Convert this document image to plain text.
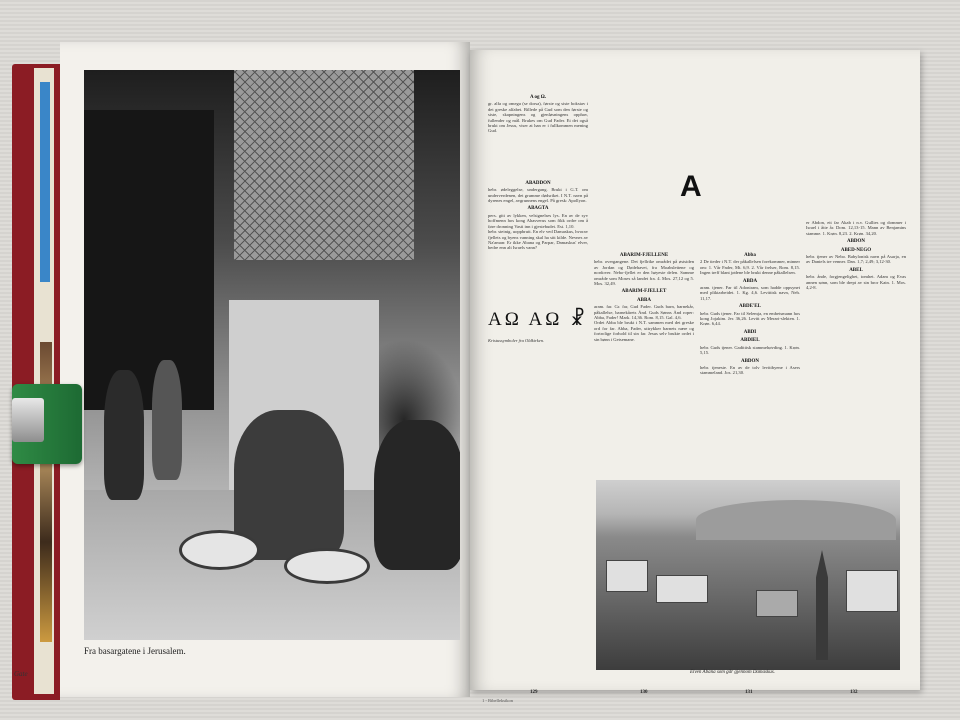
Fra basargatene i Jerusalem.
Gate
A
A og Ω.
gr. alfa og omega (se dorsa), første og siste bokstav i det greske alfabet. Billede på Gud som den første og siste, skapningens og gjenløsningens opphav, fullender og mål. Brukes om Gud Fader. Et det også brukt om Jesus, viser at han er i fullkommen mening Gud.
ABADDON
hebr. ødeleggelse, undergang. Brukt i G.T. om underverdenen, det grumme dødsriket. I N.T. navn på dyrenes engel, avgrunnens engel. På gresk: Apollyon.
ABAGTA
pers. gitt av lykken, velsignelses lys. En av de syv hoffmenn hos kong Ahasverus som fikk ordre om å føre dronning Vasti inn i gjestebudet. Est. 1,10.
hebr. steinig, uoppbrutt. En elv ved Damaskus, hvorav fjellets og byens vanning skal ha sitt kilde. Nevnes av Na'aman: Er ikke Abana og Parpar, Damaskus' elver, bedre enn alt Israels vann?
ΑΩ ΑΩ ☧
Kristussymboler fra Oldkirken.
ABARIM-FJELLENE
hebr. overgangene. Det fjellrike området på østsiden av Jordan og Dødehavet, fra Moabslettene og nordover. Nebo-fjellet er den høyeste delen. Samme område som Moses så landet fra. 4. Mos. 27,12 og 5. Mos. 32,49.
ABARIM-FJELLET
ABBA
aram. far. Gr. far, Gud Fader. Guds barn, barnekår, påkallelse, barnekårets Ånd. Guds Sønns Ånd roper: Abba, Fader! Mark. 14,36. Rom. 8,15. Gal. 4,6.
Ordet Abba ble brukt i N.T. sammen med det greske ord for far. Abba, Fader, uttrykker barnets nære og fortrolige forhold til sin far. Jesus selv brukte ordet i sin bønn i Getsemane.
Abba
2 De tieder i N.T. der påkallelsen forekommer, minner om: 1. Vår Fader, Mt. 6,9. 2. Vår frelser, Rom. 8,15. Ingen treff blant jødene ble brukt denne påkallelsen.
ABDA
aram. tjener. Far til Adoniram, som hadde oppsynet med pliktarbeidet. 1. Kg. 4,6. Levittisk navn, Neh. 11,17.
ABDE'EL
hebr. Guds tjener. Far til Selemja, en embetsmann hos kong Jojakim. Jer. 36,26. Levitt av Merari-slekten. 1. Krøn. 6,44.
ABDI
ABDIEL
hebr. Guds tjener. Gadittisk stammehøvding. 1. Krøn. 5,15.
ABDON
hebr. tjeneste. En av de tolv levittbyene i Asers stammeland. Jos. 21,30.
er Abdon, eit far Akab i n.v. Gullies og dommer i Israel i åtte år. Dom. 12,13-15. Mann av Benjamins stamme. 1. Krøn. 8,23. 2. Krøn. 34,20.
ABDON
ABED-NEGO
hebr. tjener av Nebo. Babylonisk navn på Asarja, en av Daniels tre venner. Dan. 1,7; 2,49; 3,12-30.
ABEL
hebr. ånde, forgjengelighet, tomhet. Adam og Evas annen sønn, som ble drept av sin bror Kain. 1. Mos. 4,2-8.
Elven Abana som går gjennom Damaskus.
129	130	131	132
1 - Bibelleksikon
